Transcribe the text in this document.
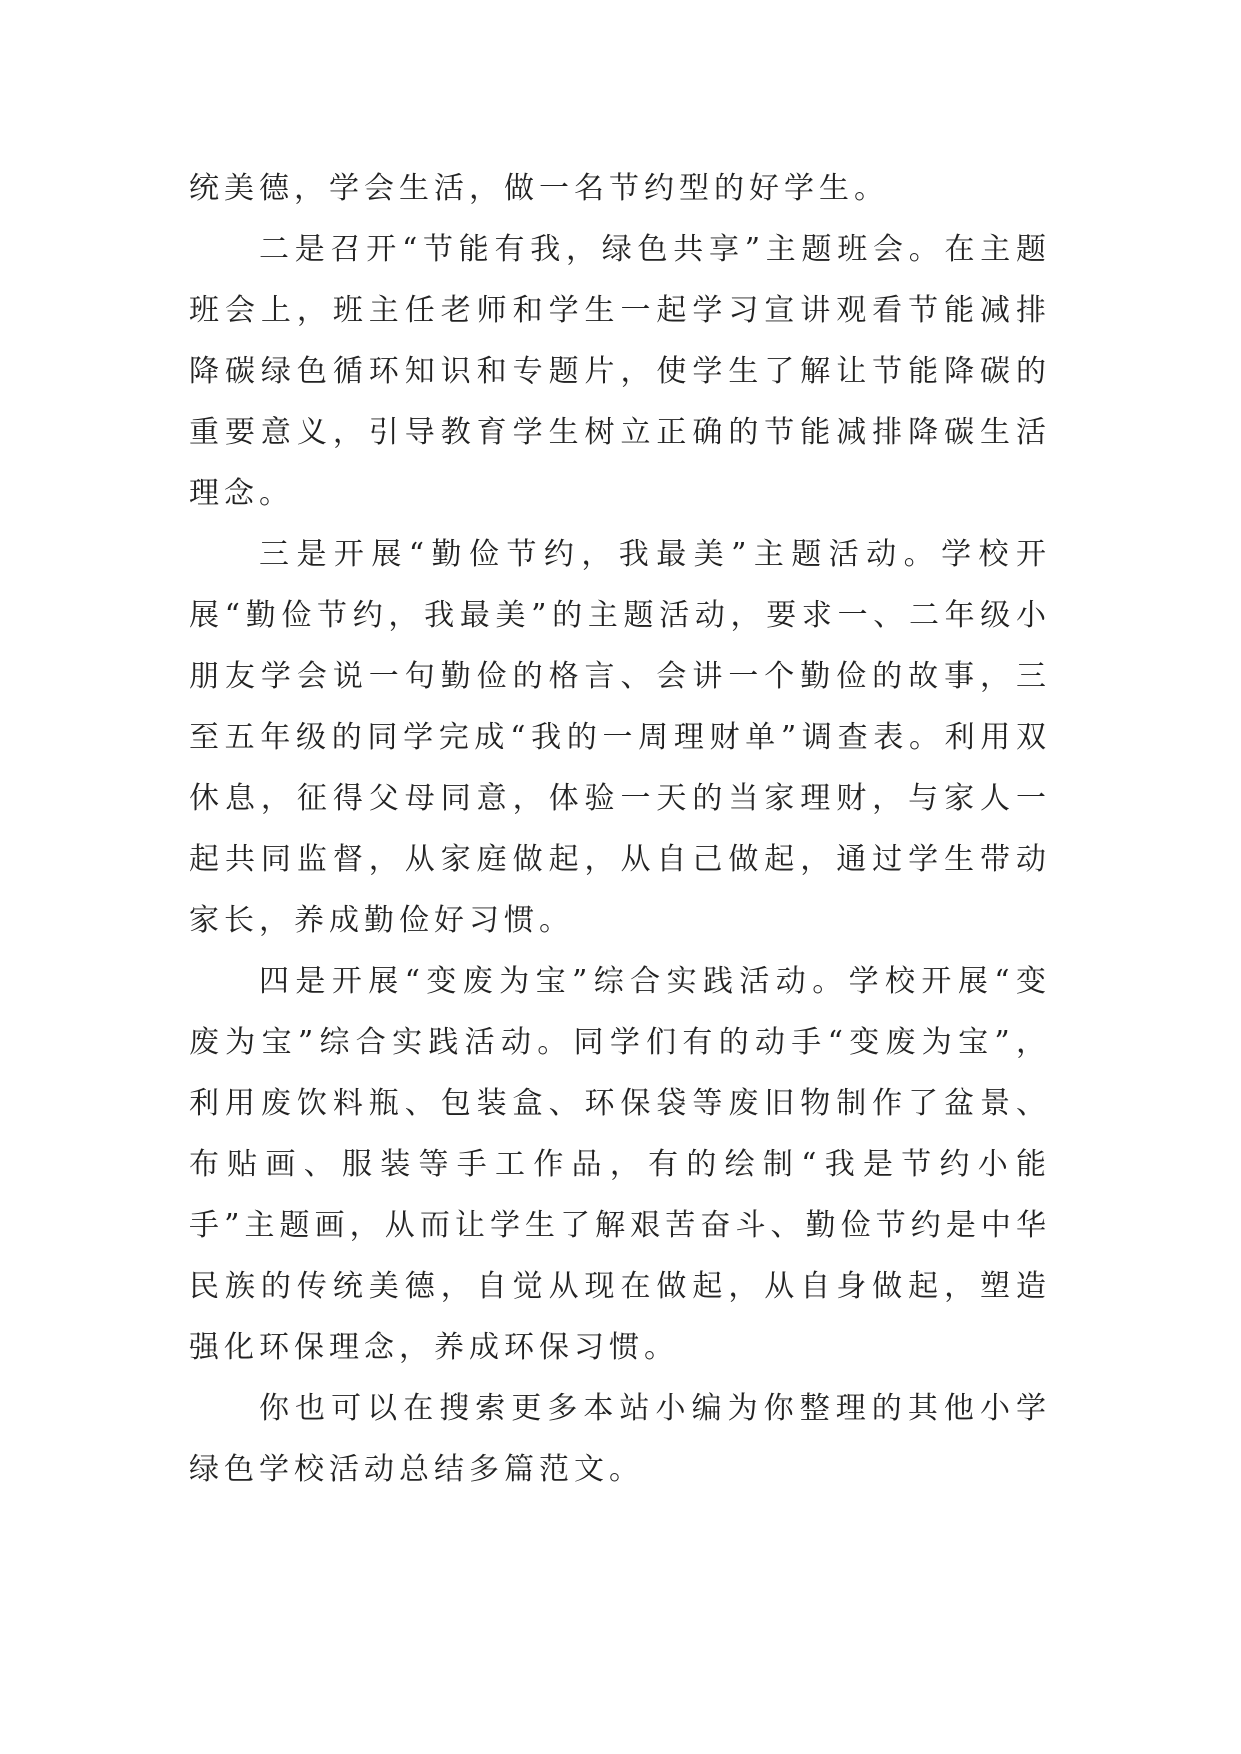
统美德，学会生活，做一名节约型的好学生。

二是召开“节能有我，绿色共享”主题班会。在主题班会上，班主任老师和学生一起学习宣讲观看节能减排降碳绿色循环知识和专题片，使学生了解让节能降碳的重要意义，引导教育学生树立正确的节能减排降碳生活理念。

三是开展“勤俭节约，我最美”主题活动。学校开展“勤俭节约，我最美”的主题活动，要求一、二年级小朋友学会说一句勤俭的格言、会讲一个勤俭的故事，三至五年级的同学完成“我的一周理财单”调查表。利用双休息，征得父母同意，体验一天的当家理财，与家人一起共同监督，从家庭做起，从自己做起，通过学生带动家长，养成勤俭好习惯。

四是开展“变废为宝”综合实践活动。学校开展“变废为宝”综合实践活动。同学们有的动手“变废为宝”，利用废饮料瓶、包装盒、环保袋等废旧物制作了盆景、布贴画、服装等手工作品，有的绘制“我是节约小能手”主题画，从而让学生了解艰苦奋斗、勤俭节约是中华民族的传统美德，自觉从现在做起，从自身做起，塑造强化环保理念，养成环保习惯。

你也可以在搜索更多本站小编为你整理的其他小学绿色学校活动总结多篇范文。
